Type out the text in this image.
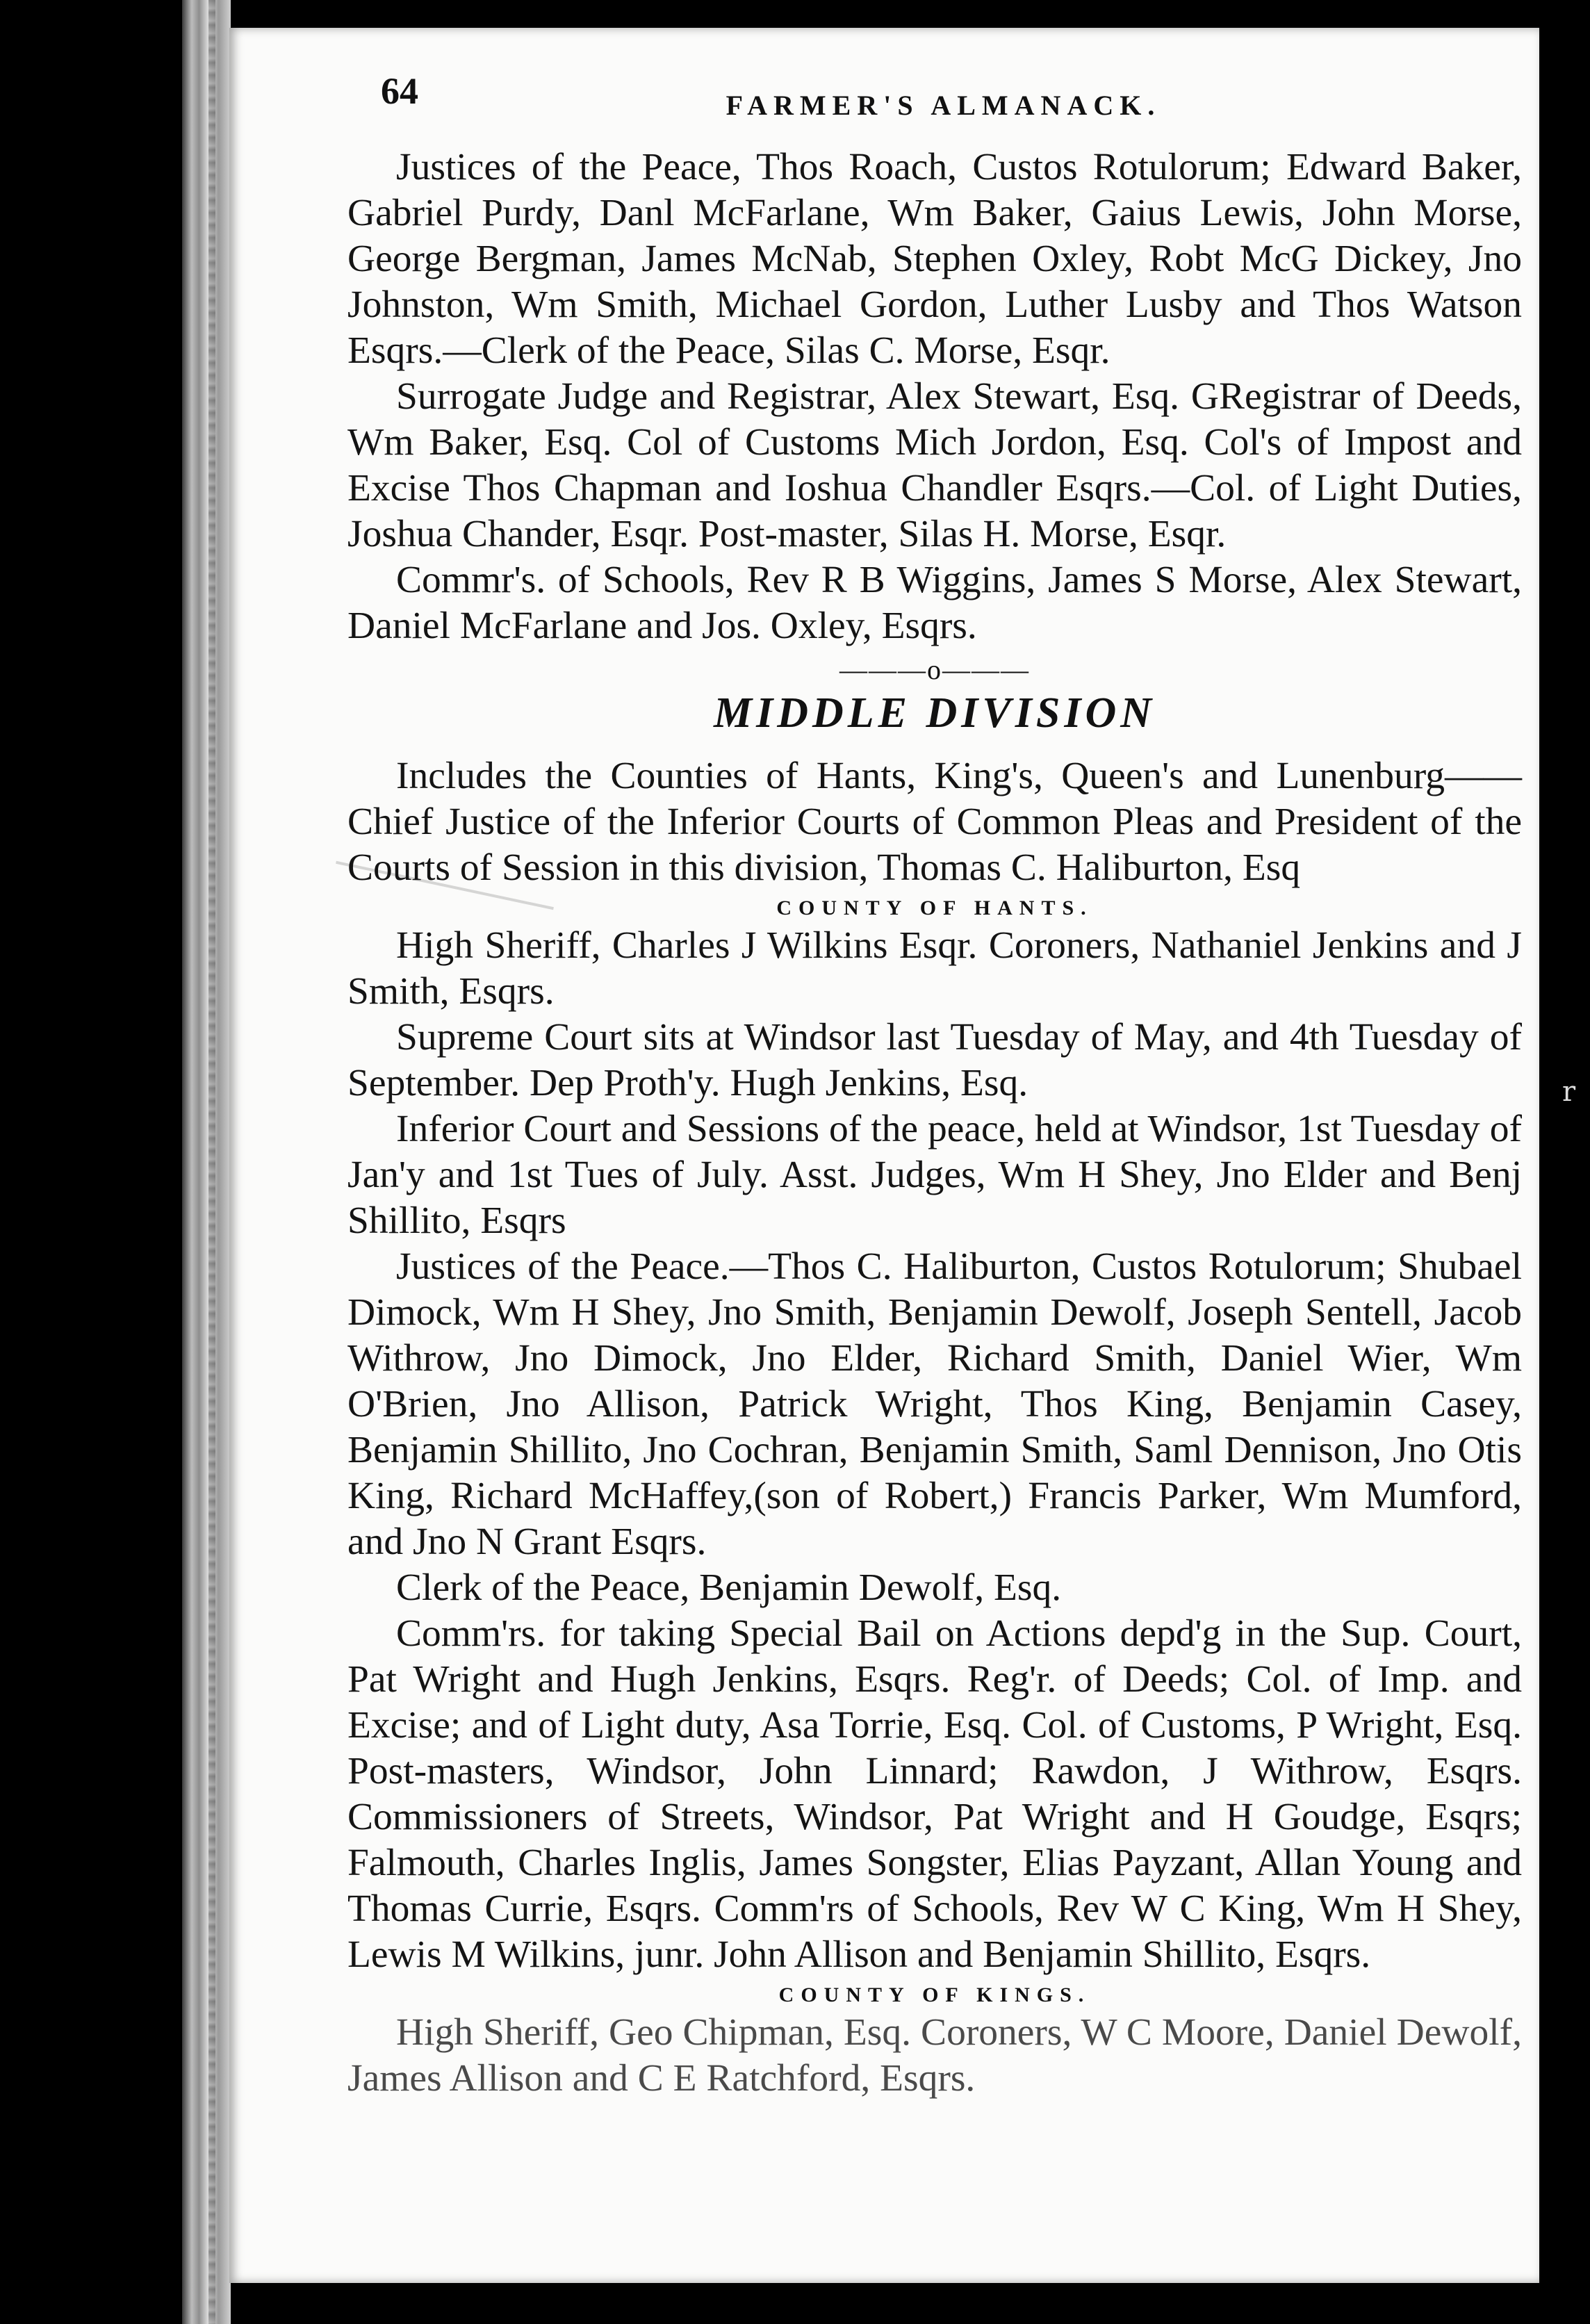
64	FARMER'S ALMANACK.

Justices of the Peace, Thos Roach, Custos Rotulorum; Edward Baker, Gabriel Purdy, Danl McFarlane, Wm Baker, Gaius Lewis, John Morse, George Bergman, James McNab, Stephen Oxley, Robt McG Dickey, Jno Johnston, Wm Smith, Michael Gordon, Luther Lusby and Thos Watson Esqrs.—Clerk of the Peace, Silas C. Morse, Esqr.

Surrogate Judge and Registrar, Alex Stewart, Esq. GRegistrar of Deeds, Wm Baker, Esq. Col of Customs Mich Jordon, Esq. Col's of Impost and Excise Thos Chapman and Ioshua Chandler Esqrs.—Col. of Light Duties, Joshua Chander, Esqr. Post-master, Silas H. Morse, Esqr.

Commr's. of Schools, Rev R B Wiggins, James S Morse, Alex Stewart, Daniel McFarlane and Jos. Oxley, Esqrs.

———o———
MIDDLE DIVISION

Includes the Counties of Hants, King's, Queen's and Lunenburg——Chief Justice of the Inferior Courts of Common Pleas and President of the Courts of Session in this division, Thomas C. Haliburton, Esq

COUNTY OF HANTS.

High Sheriff, Charles J Wilkins Esqr. Coroners, Nathaniel Jenkins and J Smith, Esqrs.

Supreme Court sits at Windsor last Tuesday of May, and 4th Tuesday of September. Dep Proth'y. Hugh Jenkins, Esq.

Inferior Court and Sessions of the peace, held at Windsor, 1st Tuesday of Jan'y and 1st Tues of July. Asst. Judges, Wm H Shey, Jno Elder and Benj Shillito, Esqrs

Justices of the Peace.—Thos C. Haliburton, Custos Rotulorum; Shubael Dimock, Wm H Shey, Jno Smith, Benjamin Dewolf, Joseph Sentell, Jacob Withrow, Jno Dimock, Jno Elder, Richard Smith, Daniel Wier, Wm O'Brien, Jno Allison, Patrick Wright, Thos King, Benjamin Casey, Benjamin Shillito, Jno Cochran, Benjamin Smith, Saml Dennison, Jno Otis King, Richard McHaffey,(son of Robert,) Francis Parker, Wm Mumford, and Jno N Grant Esqrs.

Clerk of the Peace, Benjamin Dewolf, Esq.

Comm'rs. for taking Special Bail on Actions depd'g in the Sup. Court, Pat Wright and Hugh Jenkins, Esqrs. Reg'r. of Deeds; Col. of Imp. and Excise; and of Light duty, Asa Torrie, Esq. Col. of Customs, P Wright, Esq. Post-masters, Windsor, John Linnard; Rawdon, J Withrow, Esqrs. Commissioners of Streets, Windsor, Pat Wright and H Goudge, Esqrs; Falmouth, Charles Inglis, James Songster, Elias Payzant, Allan Young and Thomas Currie, Esqrs. Comm'rs of Schools, Rev W C King, Wm H Shey, Lewis M Wilkins, junr. John Allison and Benjamin Shillito, Esqrs.

COUNTY OF KINGS.

High Sheriff, Geo Chipman, Esq. Coroners, W C Moore, Daniel Dewolf, James Allison and C E Ratchford, Esqrs.

r
